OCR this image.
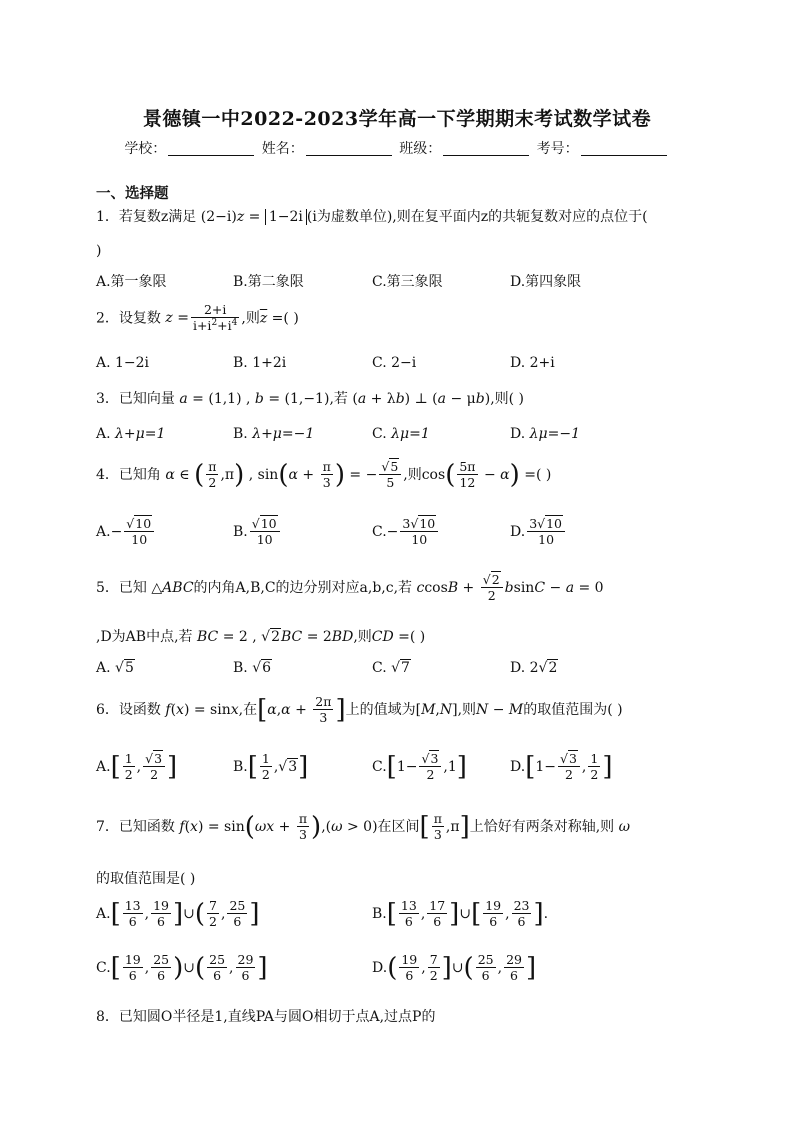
景德镇一中2022-2023学年高一下学期期末考试数学试卷
学校：	姓名：	班级：	考号：
一、选择题
1．若复数z满足 (2−i)z = 1−2i (i为虚数单位),则在复平面内z的共轭复数对应的点位于(
)
A.第一象限	B.第二象限	C.第三象限	D.第四象限
2．设复数 $z = \frac{2+i}{i+i^2+i^4}$ ,则$\overline{z}$ =( )
A. 1−2i	B. 1+2i	C. 2−i	D. 2+i
3．已知向量 a = (1,1) , b = (1,−1),若 (a + λb) ⊥ (a − μb),则( )
A. λ+μ=1	B. λ+μ=−1	C. λμ=1	D. λμ=−1
4．已知角 α ∈ ( $\frac{\pi}{2} ,\pi$) , $\sin(\alpha + \frac{\pi}{3}$ ) = − $\frac{√5}{5}$ ,则$\cos( \frac{5\pi}{12} - \alpha)$ =( )
$A.- \frac{√10}{10}$	B. $\frac{√10}{10}$	$C.- \frac{3√10}{10}$	D. $\frac{3√10}{10}$
5．已知 △ABC的内角A,B,C的边分别对应a,b,c,若 $ccosB + \frac{√2}{2}$ bsinC − a = 0
,D为AB中点,若 BC = 2 , √2BC = 2BD,则CD =( )
A. √5	B. √6	C. √7	D. 2√2
6．设函数 f(x) = sinx,在[$\alpha,\alpha + \frac{2\pi}{3}$ ]上的值域为[M,N],则N − M的取值范围为( )
$A.[ \frac{1}{2}$ , $\frac{√3}{2}$ ]	$B.[ \frac{1}{2} ,√3]$	$C.[1- \frac{√3}{2} ,1]$	$D.[1- \frac{√3}{2}$ , $\frac{1}{2}$ ]
7．已知函数 $f(x) = \sin(\omega x + \frac{\pi}{3} ),(\omega > 0)$在区间[ $\frac{\pi}{3} ,\pi$]上恰好有两条对称轴,则 ω
的取值范围是( )
$A.[ \frac{13}{6}$ , $\frac{19}{6}$ ]∪( $\frac{7}{2}$ , $\frac{25}{6}$ ]	$B.[ \frac{13}{6}$ , $\frac{17}{6}$ ]∪[ $\frac{19}{6}$ , $\frac{23}{6}$ ].
$C.[ \frac{19}{6}$ , $\frac{25}{6}$ )∪( $\frac{25}{6}$ , $\frac{29}{6}$ ]	$D.( \frac{19}{6}$ , $\frac{7}{2}$ ]∪( $\frac{25}{6}$ , $\frac{29}{6}$ ]
8．已知圆O半径是1,直线PA与圆O相切于点A,过点P的
